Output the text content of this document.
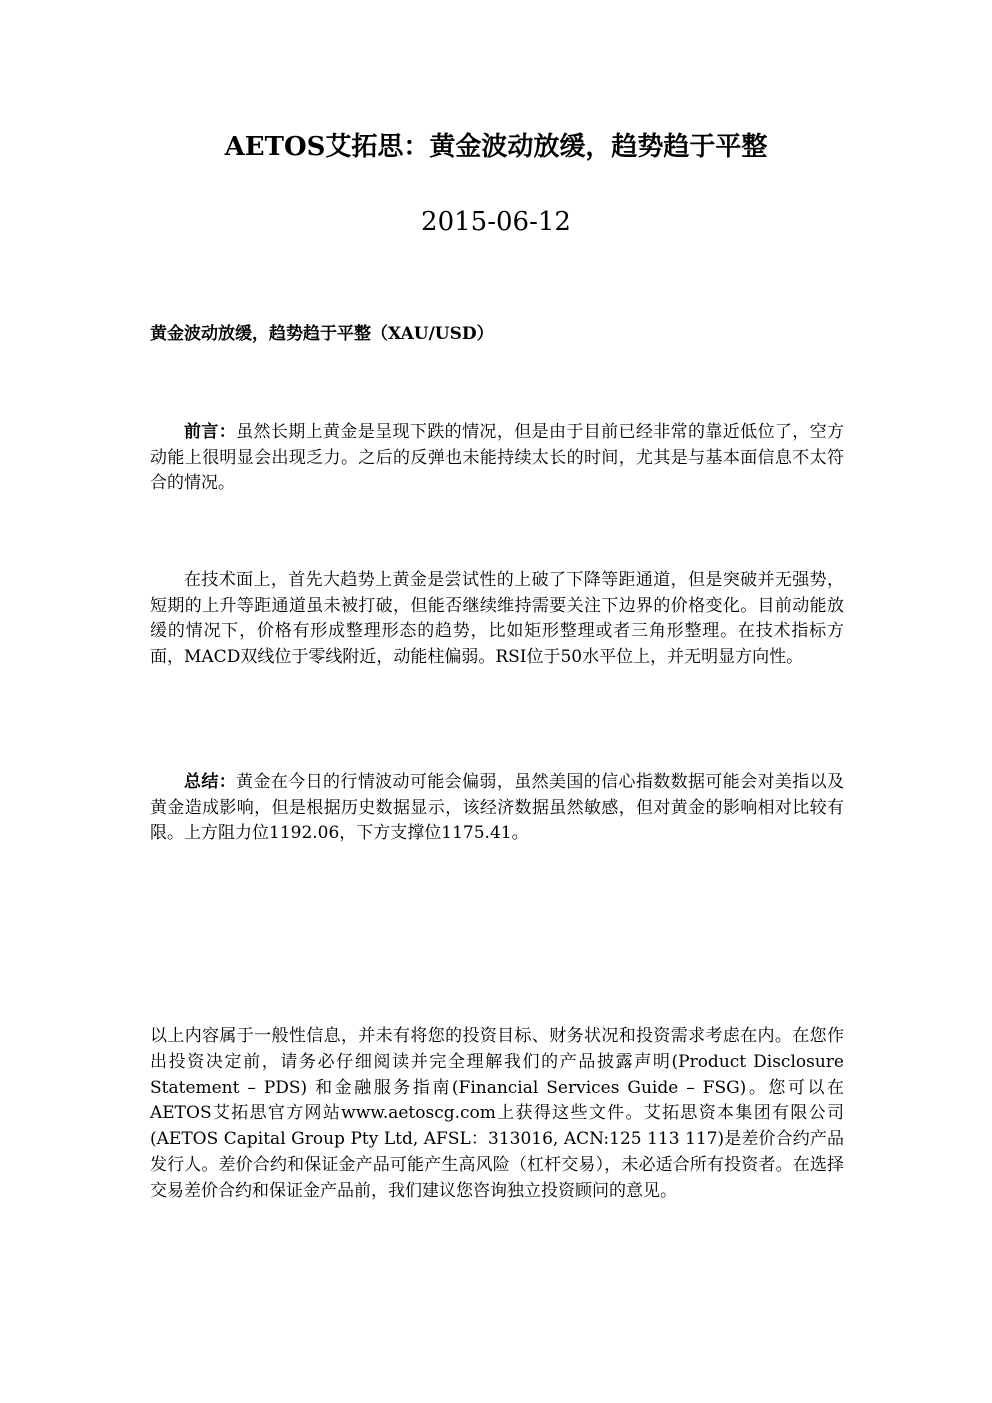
AETOS艾拓思：黄金波动放缓，趋势趋于平整
2015-06-12
黄金波动放缓，趋势趋于平整（XAU/USD）

前言：虽然长期上黄金是呈现下跌的情况，但是由于目前已经非常的靠近低位了，空方动能上很明显会出现乏力。之后的反弹也未能持续太长的时间，尤其是与基本面信息不太符合的情况。

在技术面上，首先大趋势上黄金是尝试性的上破了下降等距通道，但是突破并无强势，短期的上升等距通道虽未被打破，但能否继续维持需要关注下边界的价格变化。目前动能放缓的情况下，价格有形成整理形态的趋势，比如矩形整理或者三角形整理。在技术指标方面，MACD双线位于零线附近，动能柱偏弱。RSI位于50水平位上，并无明显方向性。

总结：黄金在今日的行情波动可能会偏弱，虽然美国的信心指数数据可能会对美指以及黄金造成影响，但是根据历史数据显示，该经济数据虽然敏感，但对黄金的影响相对比较有限。上方阻力位1192.06，下方支撑位1175.41。

以上内容属于一般性信息，并未有将您的投资目标、财务状况和投资需求考虑在内。在您作出投资决定前，请务必仔细阅读并完全理解我们的产品披露声明(Product Disclosure Statement – PDS) 和金融服务指南(Financial Services Guide – FSG)。您可以在AETOS艾拓思官方网站www.aetoscg.com上获得这些文件。艾拓思资本集团有限公司(AETOS Capital Group Pty Ltd, AFSL：313016, ACN:125 113 117)是差价合约产品发行人。差价合约和保证金产品可能产生高风险（杠杆交易），未必适合所有投资者。在选择交易差价合约和保证金产品前，我们建议您咨询独立投资顾问的意见。
